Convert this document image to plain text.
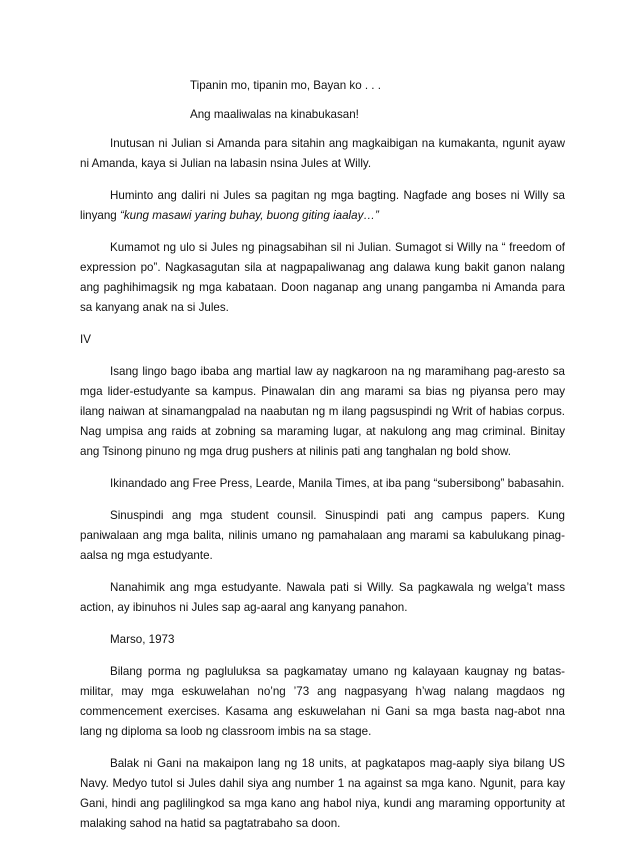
Tipanin mo, tipanin mo, Bayan ko . . .

Ang maaliwalas na kinabukasan!

Inutusan ni Julian si Amanda para sitahin ang magkaibigan na kumakanta, ngunit ayaw ni Amanda, kaya si Julian na labasin nsina Jules at Willy.

Huminto ang daliri ni Jules sa pagitan ng mga bagting. Nagfade ang boses ni Willy sa linyang “kung masawi yaring buhay, buong giting iaalay…”

Kumamot ng ulo si Jules ng pinagsabihan sil ni Julian. Sumagot si Willy na “ freedom of expression po”. Nagkasagutan sila at nagpapaliwanag ang dalawa kung bakit ganon nalang ang paghihimagsik ng mga kabataan. Doon naganap ang unang pangamba ni Amanda para sa kanyang anak na si Jules.

IV

Isang lingo bago ibaba ang martial law ay nagkaroon na ng maramihang pag-aresto sa mga lider-estudyante sa kampus. Pinawalan din ang marami sa bias ng piyansa pero may ilang naiwan at sinamangpalad na naabutan ng m ilang pagsuspindi ng Writ of habias corpus. Nag umpisa ang raids at zobning sa maraming lugar, at nakulong ang mag criminal. Binitay ang Tsinong pinuno ng mga drug pushers at nilinis pati ang tanghalan ng bold show.

Ikinandado ang Free Press, Learde, Manila Times, at iba pang “subersibong” babasahin.

Sinuspindi ang mga student counsil. Sinuspindi pati ang campus papers. Kung paniwalaan ang mga balita, nilinis umano ng pamahalaan ang marami sa kabulukang pinag-aalsa ng mga estudyante.

Nanahimik ang mga estudyante. Nawala pati si Willy. Sa pagkawala ng welga’t mass action, ay ibinuhos ni Jules sap ag-aaral ang kanyang panahon.

Marso, 1973

Bilang porma ng pagluluksa sa pagkamatay umano ng kalayaan kaugnay ng batas-militar, may mga eskuwelahan no’ng ’73 ang nagpasyang h’wag nalang magdaos ng commencement exercises. Kasama ang eskuwelahan ni Gani sa mga basta nag-abot nna lang ng diploma sa loob ng classroom imbis na sa stage.

Balak ni Gani na makaipon lang ng 18 units, at pagkatapos mag-aaply siya bilang US Navy. Medyo tutol si Jules dahil siya ang number 1 na against sa mga kano. Ngunit, para kay Gani, hindi ang paglilingkod sa mga kano ang habol niya, kundi ang maraming opportunity at malaking sahod na hatid sa pagtatrabaho sa doon.
